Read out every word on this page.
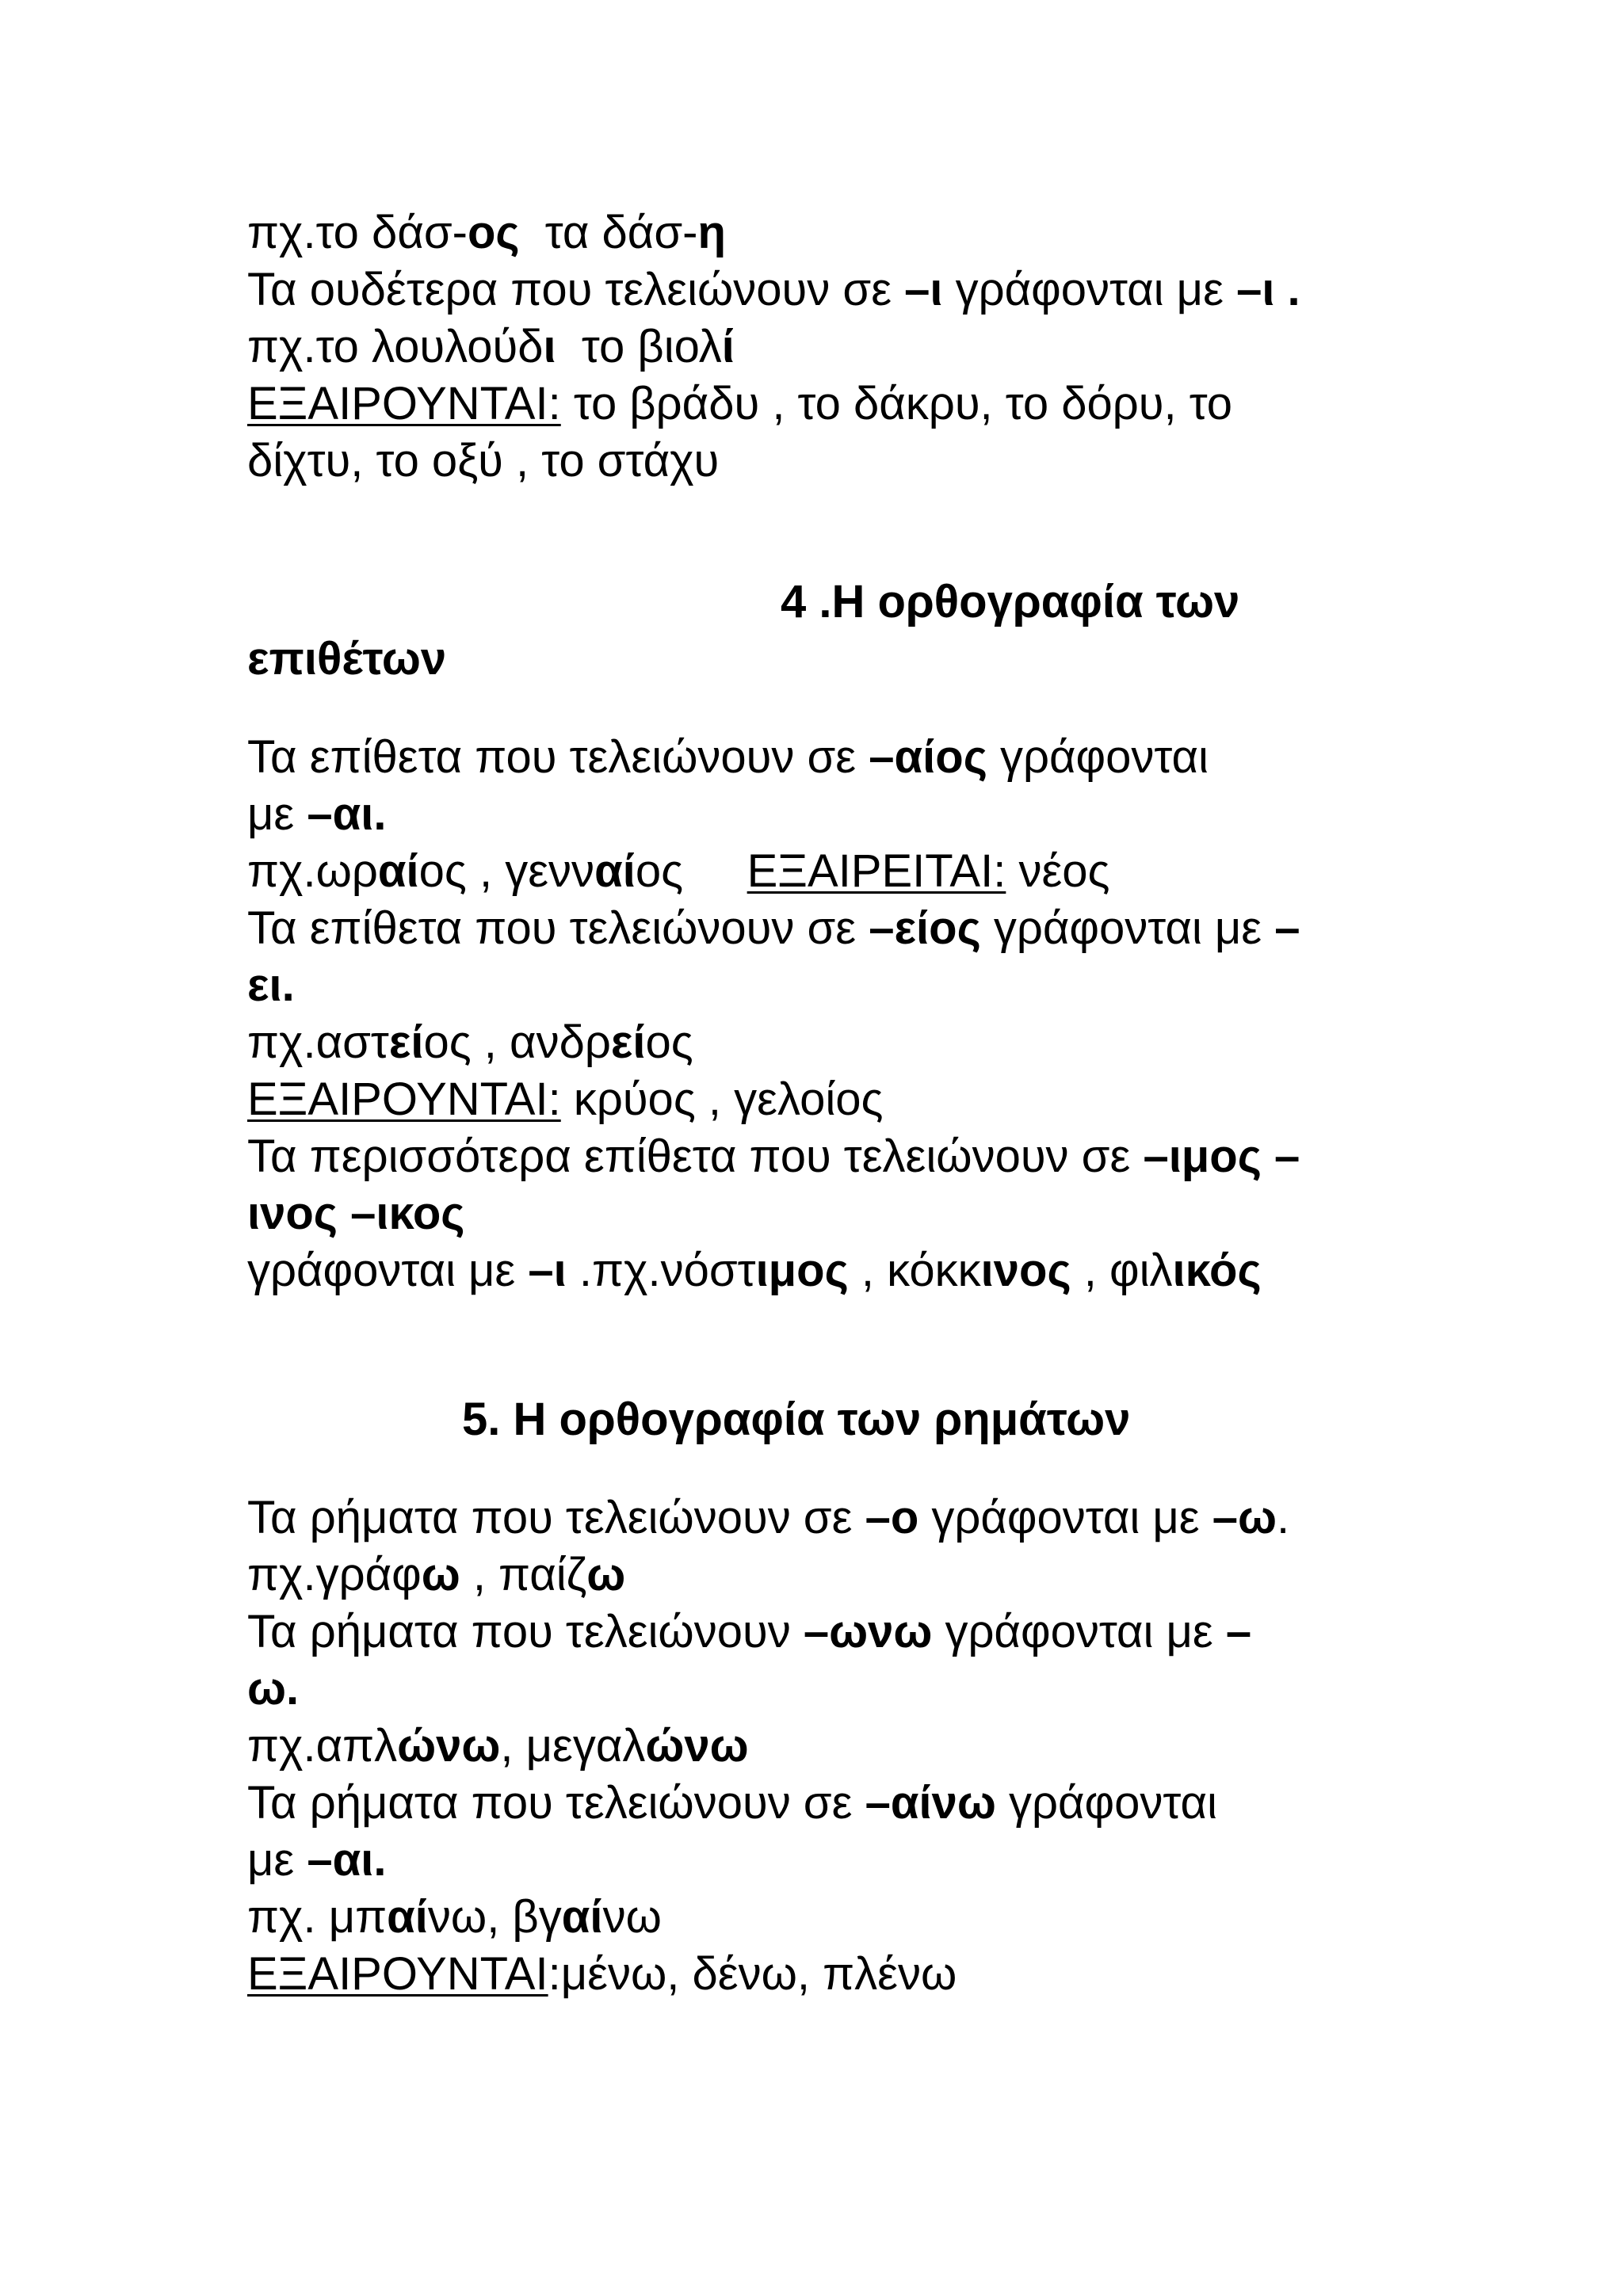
πχ.το δάσ-ος  τα δάσ-η
Τα ουδέτερα που τελειώνουν σε –ι γράφονται με –ι .
πχ.το λουλούδι  το βιολί
ΕΞΑΙΡΟΥΝΤΑΙ: το βράδυ , το δάκρυ, το δόρυ, το
δίχτυ, το οξύ , το στάχυ
4 .Η ορθογραφία των
επιθέτων
Τα επίθετα που τελειώνουν σε –αίος γράφονται
με –αι.
πχ.ωραίος , γενναίος     ΕΞΑΙΡΕΙΤΑΙ: νέος
Τα επίθετα που τελειώνουν σε –είος γράφονται με –
ει.
πχ.αστείος , ανδρείος
ΕΞΑΙΡΟΥΝΤΑΙ: κρύος , γελοίος
Τα περισσότερα επίθετα που τελειώνουν σε –ιμος –
ινος –ικος
γράφονται με –ι .πχ.νόστιμος , κόκκινος , φιλικός
5. Η ορθογραφία των ρημάτων
Τα ρήματα που τελειώνουν σε –ο γράφονται με –ω.
πχ.γράφω , παίζω
Τα ρήματα που τελειώνουν –ωνω γράφονται με –
ω.
πχ.απλώνω, μεγαλώνω
Τα ρήματα που τελειώνουν σε –αίνω γράφονται
με –αι.
πχ. μπαίνω, βγαίνω
ΕΞΑΙΡΟΥΝΤΑΙ:μένω, δένω, πλένω
